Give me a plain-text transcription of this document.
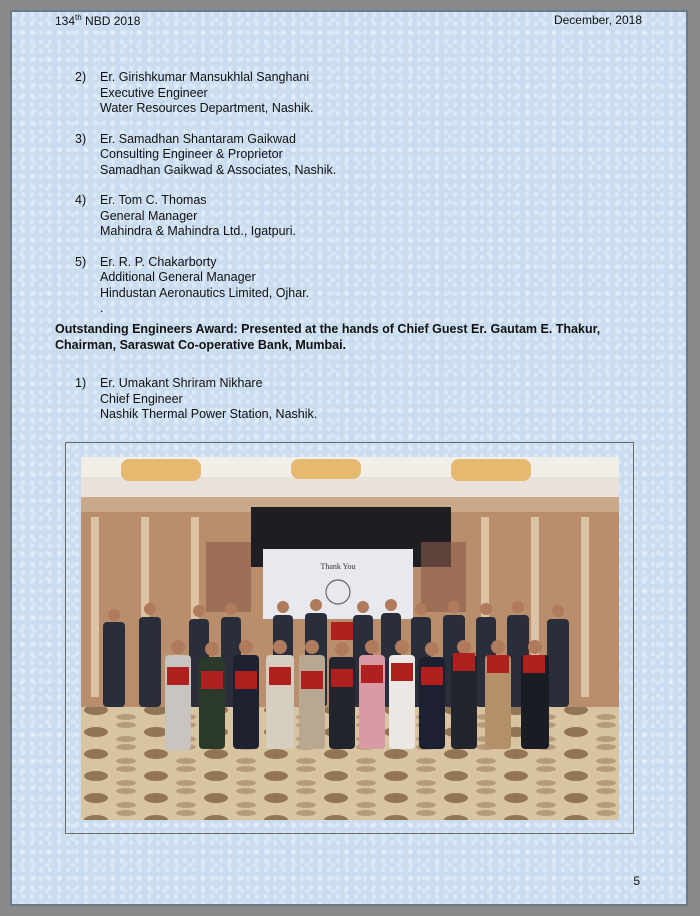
134th NBD 2018	December, 2018
2) Er. Girishkumar Mansukhlal Sanghani
Executive Engineer
Water Resources Department, Nashik.
3) Er. Samadhan Shantaram Gaikwad
Consulting Engineer & Proprietor
Samadhan Gaikwad & Associates, Nashik.
4) Er. Tom C. Thomas
General Manager
Mahindra & Mahindra Ltd., Igatpuri.
5) Er. R. P. Chakarborty
Additional General Manager
Hindustan Aeronautics Limited, Ojhar.
.
Outstanding Engineers Award: Presented at the hands of Chief Guest Er. Gautam E. Thakur, Chairman, Saraswat Co-operative Bank, Mumbai.
1) Er. Umakant Shriram Nikhare
Chief Engineer
Nashik Thermal Power Station, Nashik.
Thank You
5
